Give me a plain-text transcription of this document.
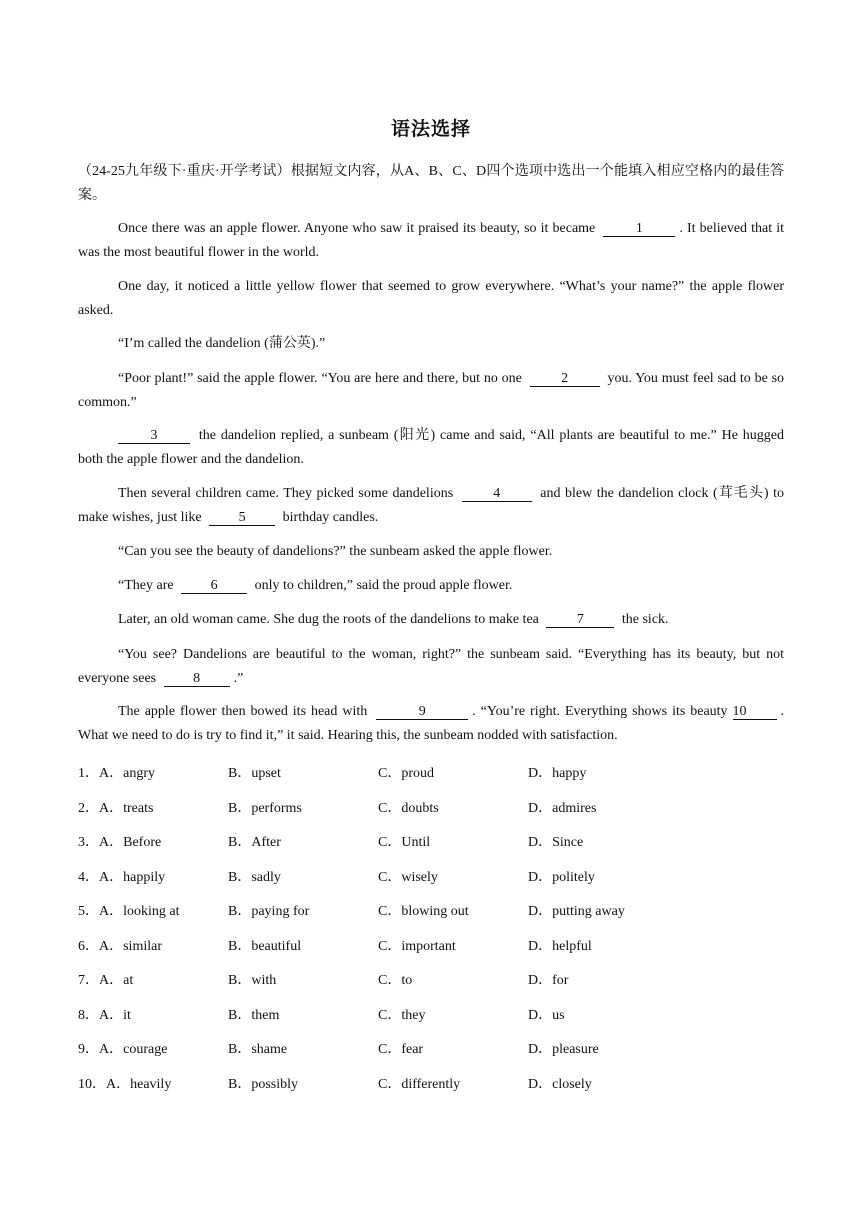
语法选择
（24-25九年级下·重庆·开学考试）根据短文内容，从A、B、C、D四个选项中选出一个能填入相应空格内的最佳答案。
Once there was an apple flower. Anyone who saw it praised its beauty, so it became	1	. It believed that it was the most beautiful flower in the world.
One day, it noticed a little yellow flower that seemed to grow everywhere. “What’s your name?” the apple flower asked.
“I’m called the dandelion (蒲公英).”
“Poor plant!” said the apple flower. “You are here and there, but no one	2	you. You must feel sad to be so common.”
3	the dandelion replied, a sunbeam (阳光) came and said, “All plants are beautiful to me.” He hugged both the apple flower and the dandelion.
Then several children came. They picked some dandelions	4	and blew the dandelion clock (茸毛头) to make wishes, just like	5	birthday candles.
“Can you see the beauty of dandelions?” the sunbeam asked the apple flower.
“They are	6	only to children,” said the proud apple flower.
Later, an old woman came. She dug the roots of the dandelions to make tea	7	the sick.
“You see? Dandelions are beautiful to the woman, right?” the sunbeam said. “Everything has its beauty, but not everyone sees	8 .”
The apple flower then bowed its head with	9	. “You’re right. Everything shows its beauty 10 . What we need to do is try to find it,” it said. Hearing this, the sunbeam nodded with satisfaction.
1．A．angry	B．upset	C．proud	D．happy
2．A．treats	B．performs	C．doubts	D．admires
3．A．Before	B．After	C．Until	D．Since
4．A．happily	B．sadly	C．wisely	D．politely
5．A．looking at	B．paying for	C．blowing out	D．putting away
6．A．similar	B．beautiful	C．important	D．helpful
7．A．at	B．with	C．to	D．for
8．A．it	B．them	C．they	D．us
9．A．courage	B．shame	C．fear	D．pleasure
10．A．heavily	B．possibly	C．differently	D．closely
